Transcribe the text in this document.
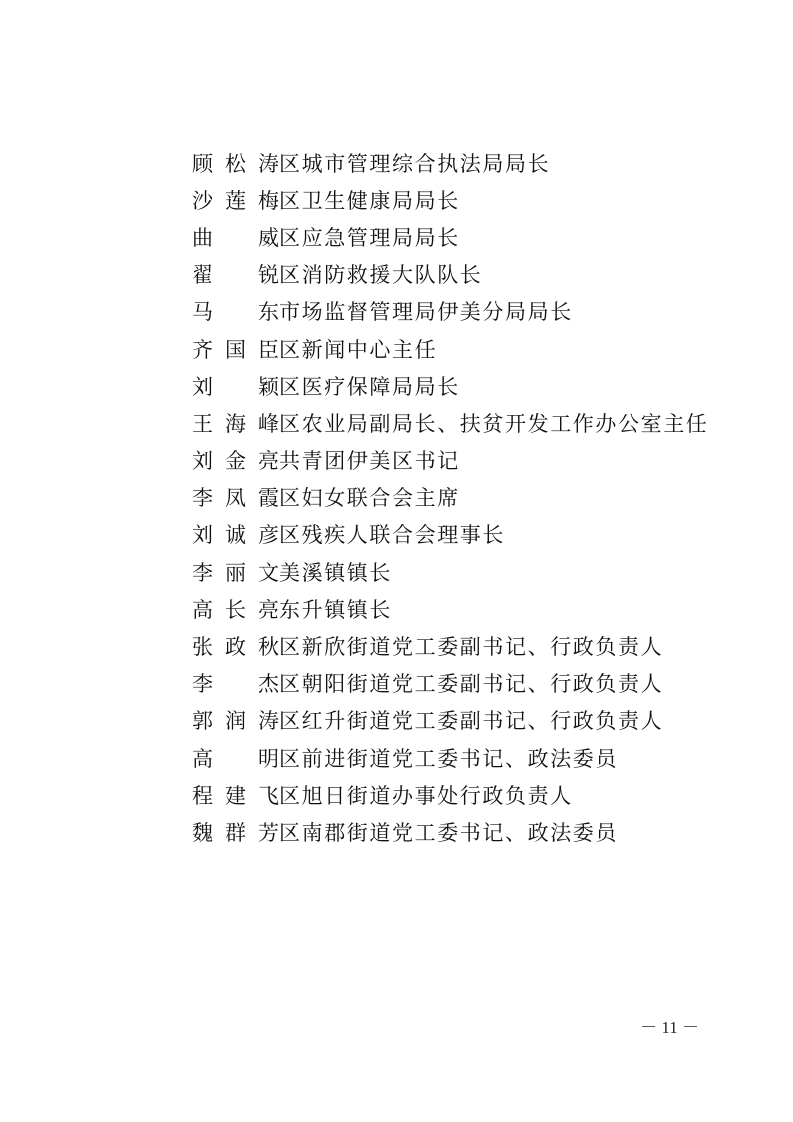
顾 松 涛 区城市管理综合执法局局长
沙 莲 梅 区卫生健康局局长
曲 威 区应急管理局局长
翟 锐 区消防救援大队队长
马 东 市场监督管理局伊美分局局长
齐 国 臣 区新闻中心主任
刘 颖 区医疗保障局局长
王 海 峰 区农业局副局长、扶贫开发工作办公室主任
刘 金 亮 共青团伊美区书记
李 凤 霞 区妇女联合会主席
刘 诚 彦 区残疾人联合会理事长
李 丽 文 美溪镇镇长
高 长 亮 东升镇镇长
张 政 秋 区新欣街道党工委副书记、行政负责人
李 杰 区朝阳街道党工委副书记、行政负责人
郭 润 涛 区红升街道党工委副书记、行政负责人
高 明 区前进街道党工委书记、政法委员
程 建 飞 区旭日街道办事处行政负责人
魏 群 芳 区南郡街道党工委书记、政法委员
－ 11 －
